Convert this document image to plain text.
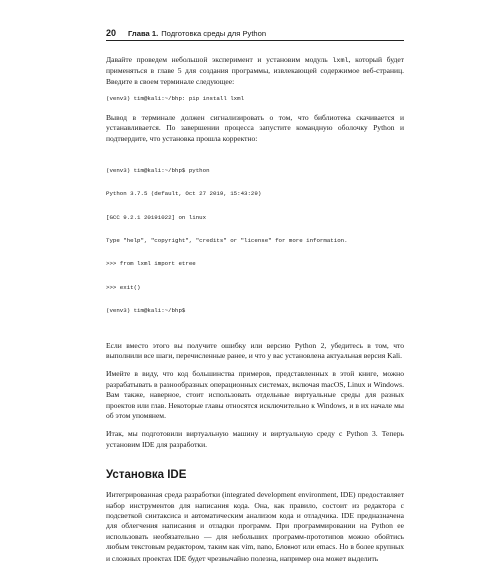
20	Глава 1. Подготовка среды для Python

Давайте проведем небольшой эксперимент и установим модуль lxml, который будет применяться в главе 5 для создания программы, извлекающей содержимое веб-страниц. Введите в своем терминале следующее:

(venv3) tim@kali:~/bhp: pip install lxml

Вывод в терминале должен сигнализировать о том, что библиотека скачивается и устанавливается. По завершении процесса запустите командную оболочку Python и подтвердите, что установка прошла корректно:

(venv3) tim@kali:~/bhp$ python

Python 3.7.5 (default, Oct 27 2019, 15:43:29)

[GCC 9.2.1 20191022] on linux

Type "help", "copyright", "credits" or "license" for more information.

>>> from lxml import etree

>>> exit()

(venv3) tim@kali:~/bhp$

Если вместо этого вы получите ошибку или версию Python 2, убедитесь в том, что выполнили все шаги, перечисленные ранее, и что у вас установлена актуальная версия Kali.

Имейте в виду, что код большинства примеров, представленных в этой книге, можно разрабатывать в разнообразных операционных системах, включая macOS, Linux и Windows. Вам также, наверное, стоит использовать отдельные виртуальные среды для разных проектов или глав. Некоторые главы относятся исключительно к Windows, и в их начале мы об этом упомянем.

Итак, мы подготовили виртуальную машину и виртуальную среду с Python 3. Теперь установим IDE для разработки.

Установка IDE

Интегрированная среда разработки (integrated development environment, IDE) предоставляет набор инструментов для написания кода. Она, как правило, состоит из редактора с подсветкой синтаксиса и автоматическим анализом кода и отладчика. IDE предназначена для облегчения написания и отладки программ. При программировании на Python ее использовать необязательно — для небольших программ-прототипов можно обойтись любым текстовым редактором, таким как vim, nano, Блокнот или emacs. Но в более крупных и сложных проектах IDE будет чрезвычайно полезна, например она может выделить
